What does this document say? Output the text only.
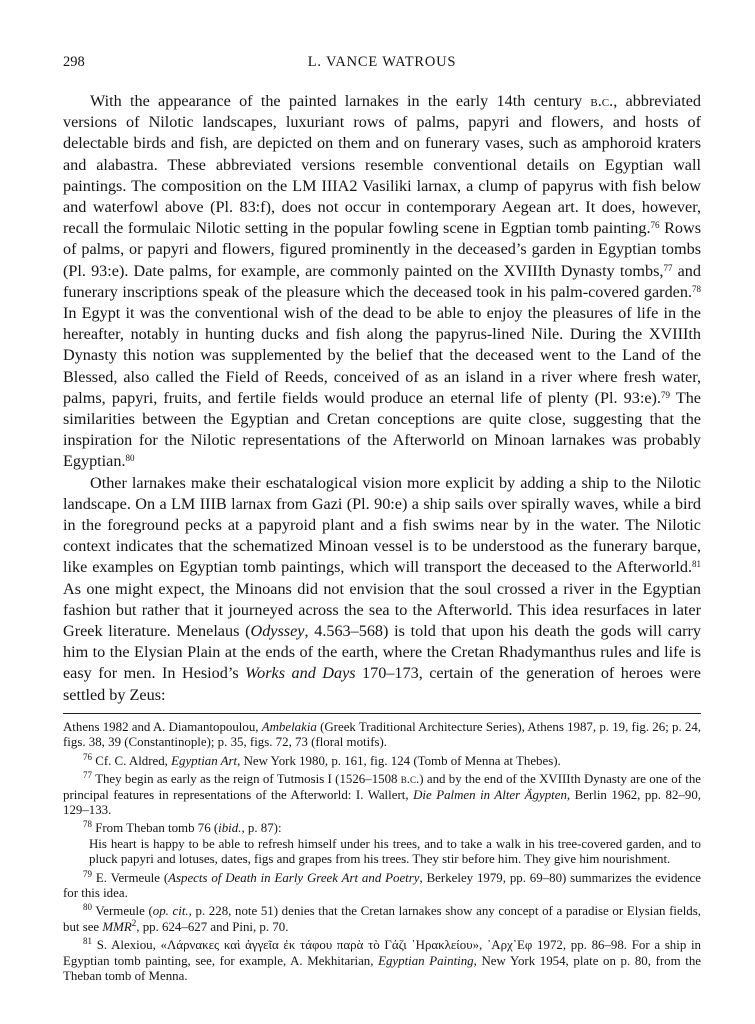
298	L. VANCE WATROUS

With the appearance of the painted larnakes in the early 14th century b.c., abbreviated versions of Nilotic landscapes, luxuriant rows of palms, papyri and flowers, and hosts of delectable birds and fish, are depicted on them and on funerary vases, such as amphoroid kraters and alabastra. These abbreviated versions resemble conventional details on Egyptian wall paintings. The composition on the LM IIIA2 Vasiliki larnax, a clump of papyrus with fish below and waterfowl above (Pl. 83:f), does not occur in contemporary Aegean art. It does, however, recall the formulaic Nilotic setting in the popular fowling scene in Egptian tomb painting.$^{76}$ Rows of palms, or papyri and flowers, figured prominently in the deceased’s garden in Egyptian tombs (Pl. 93:e). Date palms, for example, are commonly painted on the XVIIIth Dynasty tombs,$^{77}$ and funerary inscriptions speak of the pleasure which the deceased took in his palm-covered garden.$^{78}$ In Egypt it was the conventional wish of the dead to be able to enjoy the pleasures of life in the hereafter, notably in hunting ducks and fish along the papyrus-lined Nile. During the XVIIIth Dynasty this notion was supplemented by the belief that the deceased went to the Land of the Blessed, also called the Field of Reeds, conceived of as an island in a river where fresh water, palms, papyri, fruits, and fertile fields would produce an eternal life of plenty (Pl. 93:e).$^{79}$ The similarities between the Egyptian and Cretan conceptions are quite close, suggesting that the inspiration for the Nilotic representations of the Afterworld on Minoan larnakes was probably Egyptian.$^{80}$

Other larnakes make their eschatalogical vision more explicit by adding a ship to the Nilotic landscape. On a LM IIIB larnax from Gazi (Pl. 90:e) a ship sails over spirally waves, while a bird in the foreground pecks at a papyroid plant and a fish swims near by in the water. The Nilotic context indicates that the schematized Minoan vessel is to be understood as the funerary barque, like examples on Egyptian tomb paintings, which will transport the deceased to the Afterworld.$^{81}$ As one might expect, the Minoans did not envision that the soul crossed a river in the Egyptian fashion but rather that it journeyed across the sea to the Afterworld. This idea resurfaces in later Greek literature. Menelaus (Odyssey, 4.563–568) is told that upon his death the gods will carry him to the Elysian Plain at the ends of the earth, where the Cretan Rhadymanthus rules and life is easy for men. In Hesiod’s Works and Days 170–173, certain of the generation of heroes were settled by Zeus:

Athens 1982 and A. Diamantopoulou, Ambelakia (Greek Traditional Architecture Series), Athens 1987, p. 19, fig. 26; p. 24, figs. 38, 39 (Constantinople); p. 35, figs. 72, 73 (floral motifs).

$^{76}$ Cf. C. Aldred, Egyptian Art, New York 1980, p. 161, fig. 124 (Tomb of Menna at Thebes).

$^{77}$ They begin as early as the reign of Tutmosis I (1526–1508 b.c.) and by the end of the XVIIIth Dynasty are one of the principal features in representations of the Afterworld: I. Wallert, Die Palmen in Alter Ägypten, Berlin 1962, pp. 82–90, 129–133.

$^{78}$ From Theban tomb 76 (ibid., p. 87):

His heart is happy to be able to refresh himself under his trees, and to take a walk in his tree-covered garden, and to pluck papyri and lotuses, dates, figs and grapes from his trees. They stir before him. They give him nourishment.

$^{79}$ E. Vermeule (Aspects of Death in Early Greek Art and Poetry, Berkeley 1979, pp. 69–80) summarizes the evidence for this idea.

$^{80}$ Vermeule (op. cit., p. 228, note 51) denies that the Cretan larnakes show any concept of a paradise or Elysian fields, but see MMR$^2$, pp. 624–627 and Pini, p. 70.

$^{81}$ S. Alexiou, «Λάρνακες καὶ ἀγγεῖα ἐκ τάφου παρὰ τὸ Γάζι ῾Ηρακλείου», ᾿Αρχ᾿Εφ 1972, pp. 86–98. For a ship in Egyptian tomb painting, see, for example, A. Mekhitarian, Egyptian Painting, New York 1954, plate on p. 80, from the Theban tomb of Menna.
